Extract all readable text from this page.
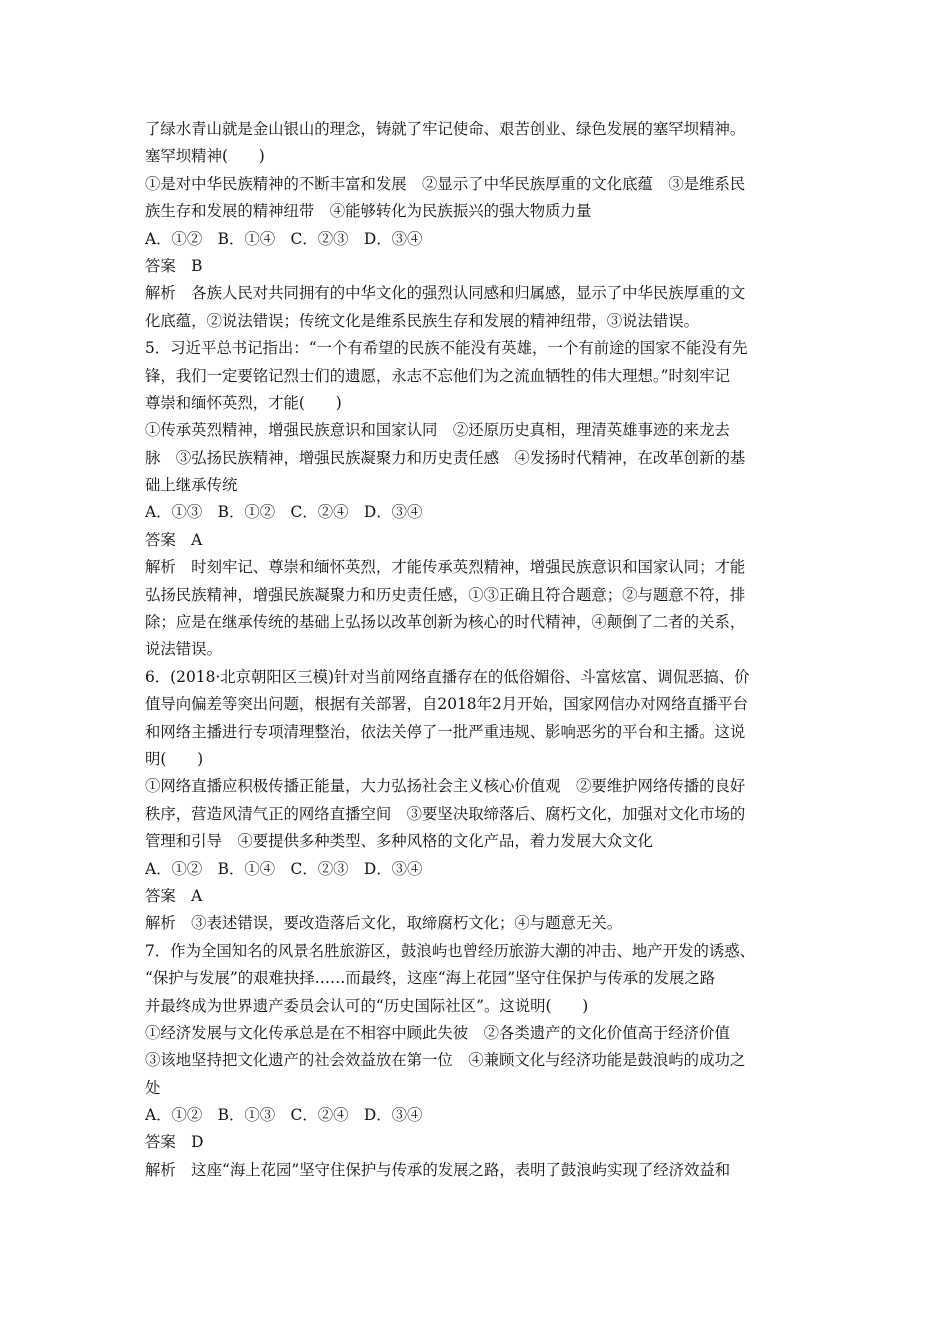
了绿水青山就是金山银山的理念，铸就了牢记使命、艰苦创业、绿色发展的塞罕坝精神。
塞罕坝精神(　　)
①是对中华民族精神的不断丰富和发展　②显示了中华民族厚重的文化底蕴　③是维系民
族生存和发展的精神纽带　④能够转化为民族振兴的强大物质力量
A．①②　B．①④　C．②③　D．③④
答案　B
解析　各族人民对共同拥有的中华文化的强烈认同感和归属感，显示了中华民族厚重的文
化底蕴，②说法错误；传统文化是维系民族生存和发展的精神纽带，③说法错误。
5．习近平总书记指出：“一个有希望的民族不能没有英雄，一个有前途的国家不能没有先
锋，我们一定要铭记烈士们的遗愿，永志不忘他们为之流血牺牲的伟大理想。”时刻牢记
尊崇和缅怀英烈，才能(　　)
①传承英烈精神，增强民族意识和国家认同　②还原历史真相，理清英雄事迹的来龙去
脉　③弘扬民族精神，增强民族凝聚力和历史责任感　④发扬时代精神，在改革创新的基
础上继承传统
A．①③　B．①②　C．②④　D．③④
答案　A
解析　时刻牢记、尊崇和缅怀英烈，才能传承英烈精神，增强民族意识和国家认同；才能
弘扬民族精神，增强民族凝聚力和历史责任感，①③正确且符合题意；②与题意不符，排
除；应是在继承传统的基础上弘扬以改革创新为核心的时代精神，④颠倒了二者的关系，
说法错误。
6．(2018·北京朝阳区三模)针对当前网络直播存在的低俗媚俗、斗富炫富、调侃恶搞、价
值导向偏差等突出问题，根据有关部署，自2018年2月开始，国家网信办对网络直播平台
和网络主播进行专项清理整治，依法关停了一批严重违规、影响恶劣的平台和主播。这说
明(　　)
①网络直播应积极传播正能量，大力弘扬社会主义核心价值观　②要维护网络传播的良好
秩序，营造风清气正的网络直播空间　③要坚决取缔落后、腐朽文化，加强对文化市场的
管理和引导　④要提供多种类型、多种风格的文化产品，着力发展大众文化
A．①②　B．①④　C．②③　D．③④
答案　A
解析　③表述错误，要改造落后文化，取缔腐朽文化；④与题意无关。
7．作为全国知名的风景名胜旅游区，鼓浪屿也曾经历旅游大潮的冲击、地产开发的诱惑、
“保护与发展”的艰难抉择……而最终，这座“海上花园”坚守住保护与传承的发展之路
并最终成为世界遗产委员会认可的“历史国际社区”。这说明(　　)
①经济发展与文化传承总是在不相容中顾此失彼　②各类遗产的文化价值高于经济价值
③该地坚持把文化遗产的社会效益放在第一位　④兼顾文化与经济功能是鼓浪屿的成功之
处
A．①②　B．①③　C．②④　D．③④
答案　D
解析　这座“海上花园”坚守住保护与传承的发展之路，表明了鼓浪屿实现了经济效益和
